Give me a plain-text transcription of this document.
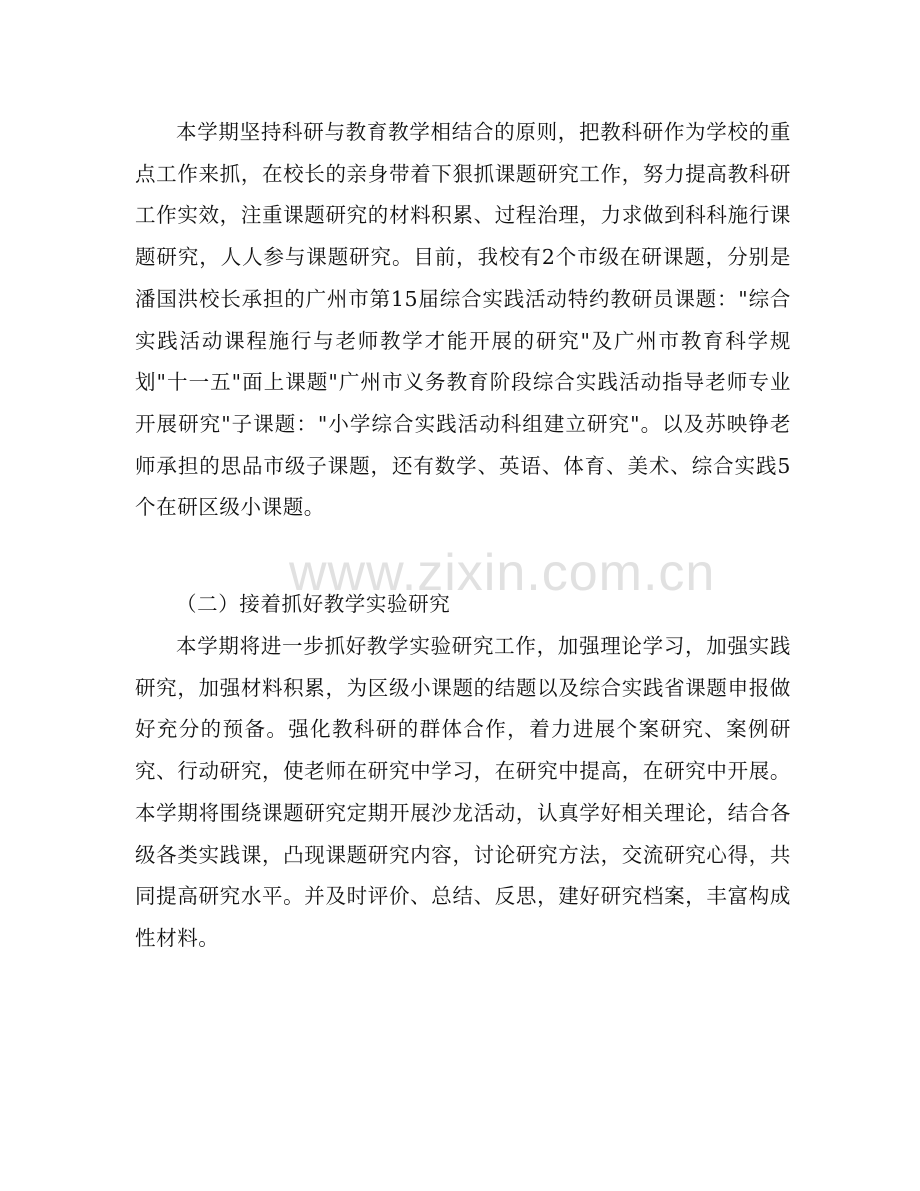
本学期坚持科研与教育教学相结合的原则，把教科研作为学校的重点工作来抓，在校长的亲身带着下狠抓课题研究工作，努力提高教科研工作实效，注重课题研究的材料积累、过程治理，力求做到科科施行课题研究，人人参与课题研究。目前，我校有2个市级在研课题，分别是潘国洪校长承担的广州市第15届综合实践活动特约教研员课题："综合实践活动课程施行与老师教学才能开展的研究"及广州市教育科学规划"十一五"面上课题"广州市义务教育阶段综合实践活动指导老师专业开展研究"子课题："小学综合实践活动科组建立研究"。以及苏映铮老师承担的思品市级子课题，还有数学、英语、体育、美术、综合实践5个在研区级小课题。

www.zixin.com.cn

（二）接着抓好教学实验研究

本学期将进一步抓好教学实验研究工作，加强理论学习，加强实践研究，加强材料积累，为区级小课题的结题以及综合实践省课题申报做好充分的预备。强化教科研的群体合作，着力进展个案研究、案例研究、行动研究，使老师在研究中学习，在研究中提高，在研究中开展。本学期将围绕课题研究定期开展沙龙活动，认真学好相关理论，结合各级各类实践课，凸现课题研究内容，讨论研究方法，交流研究心得，共同提高研究水平。并及时评价、总结、反思，建好研究档案，丰富构成性材料。
